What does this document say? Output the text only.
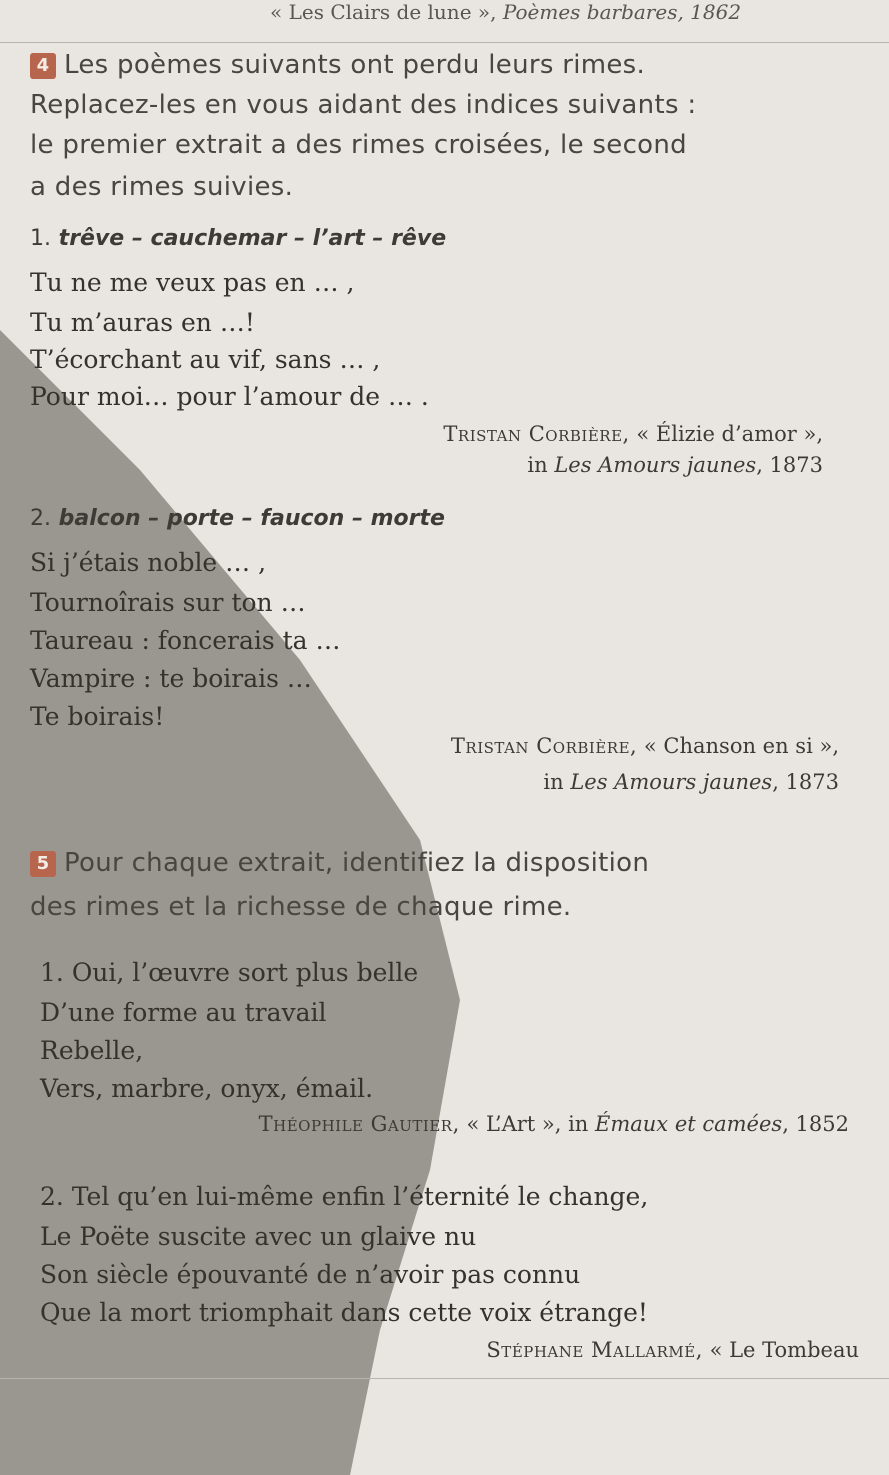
« Les Clairs de lune », Poèmes barbares, 1862
4 Les poèmes suivants ont perdu leurs rimes.
Replacez-les en vous aidant des indices suivants :
le premier extrait a des rimes croisées, le second
a des rimes suivies.
1. trêve – cauchemar – l’art – rêve
Tu ne me veux pas en … ,
Tu m’auras en …!
T’écorchant au vif, sans … ,
Pour moi… pour l’amour de … .
Tristan Corbière, « Élizie d’amor »,
in Les Amours jaunes, 1873
2. balcon – porte – faucon – morte
Si j’étais noble … ,
Tournoîrais sur ton …
Taureau : foncerais ta …
Vampire : te boirais …
Te boirais!
Tristan Corbière, « Chanson en si »,
in Les Amours jaunes, 1873
5 Pour chaque extrait, identifiez la disposition
des rimes et la richesse de chaque rime.
1. Oui, l’œuvre sort plus belle
D’une forme au travail
Rebelle,
Vers, marbre, onyx, émail.
Théophile Gautier, « L’Art », in Émaux et camées, 1852
2. Tel qu’en lui-même enfin l’éternité le change,
Le Poëte suscite avec un glaive nu
Son siècle épouvanté de n’avoir pas connu
Que la mort triomphait dans cette voix étrange!
Stéphane Mallarmé, « Le Tombeau
